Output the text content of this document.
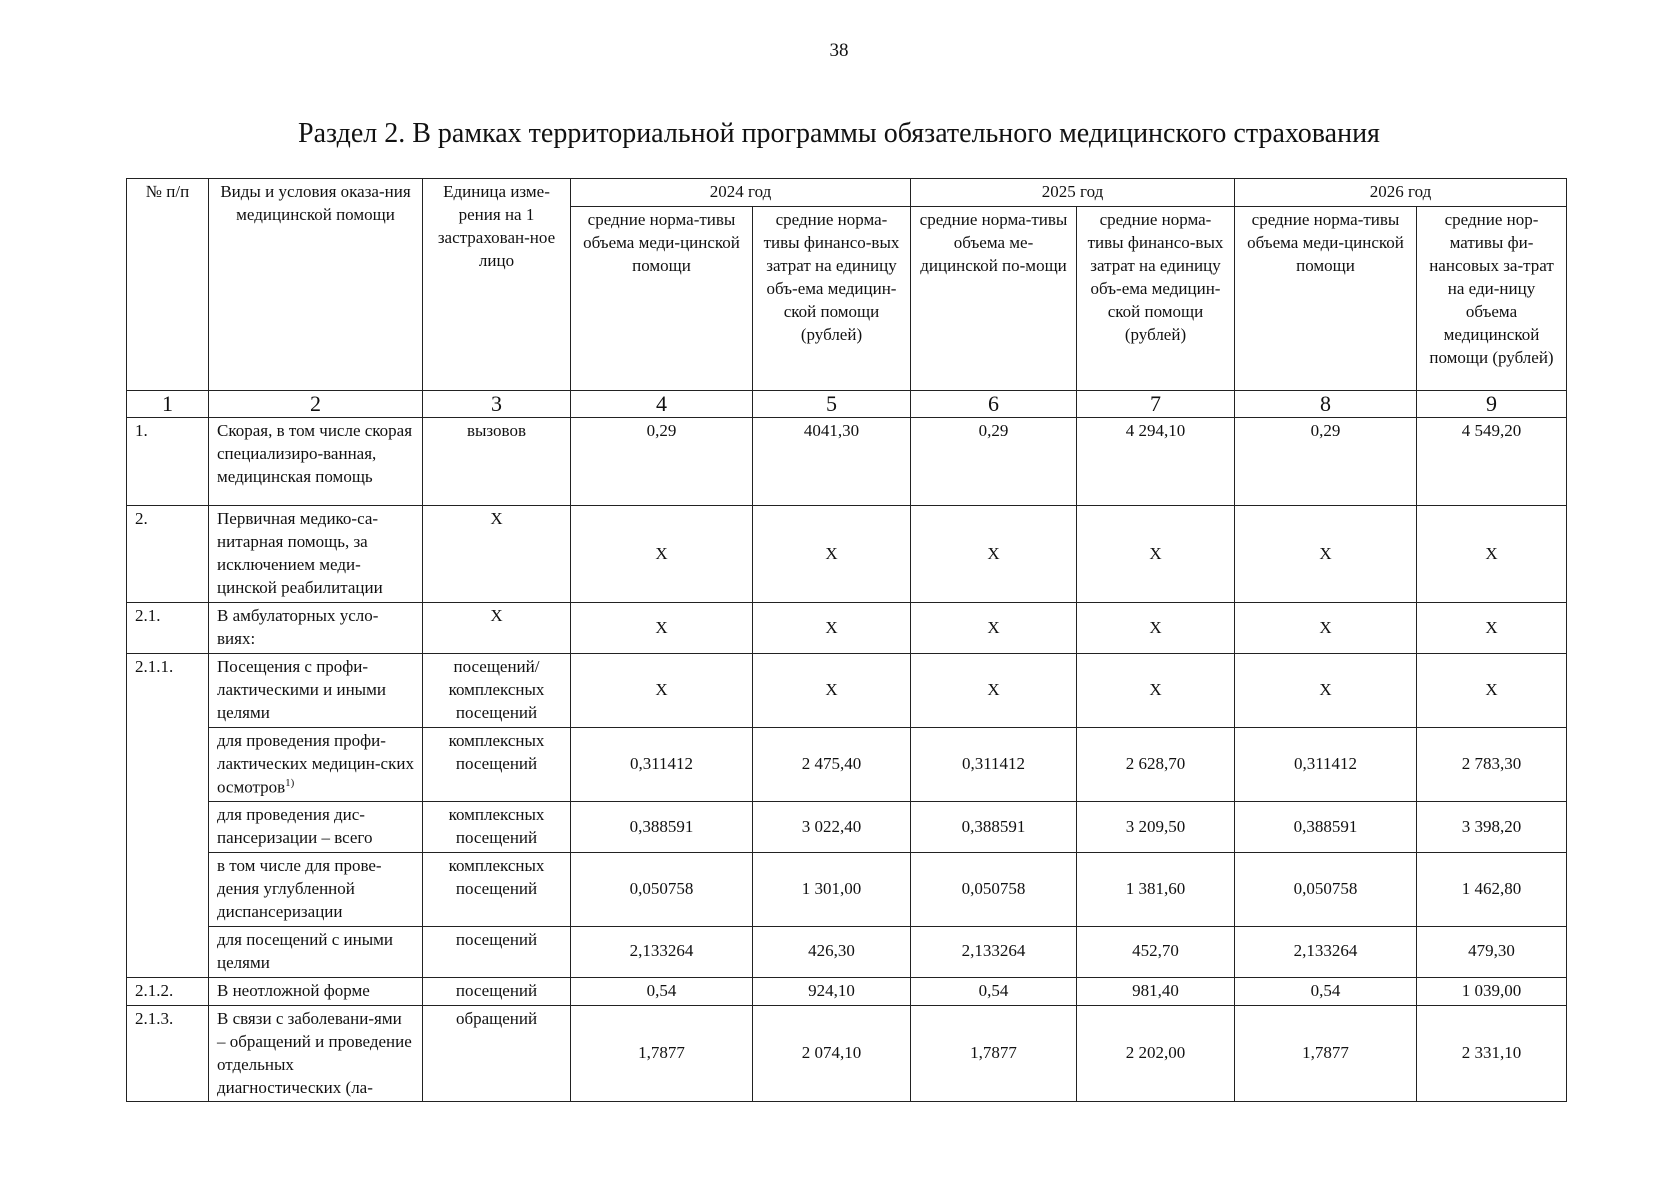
38
Раздел 2. В рамках территориальной программы обязательного медицинского страхования
№ п/п	Виды и условия оказа-ния медицинской помощи	Единица изме-рения на 1 застрахован-ное лицо	2024 год		2025 год		2026 год	
			средние норма-тивы объема меди-цинской помощи	средние норма-тивы финансо-вых затрат на единицу объ-ема медицин-ской помощи (рублей)	средние норма-тивы объема ме-дицинской по-мощи	средние норма-тивы финансо-вых затрат на единицу объ-ема медицин-ской помощи (рублей)	средние норма-тивы объема меди-цинской помощи	средние нор-мативы фи-нансовых за-трат на еди-ницу объема медицинской помощи (рублей)
1	2	3	4	5	6	7	8	9
1.	Скорая, в том числе скорая специализиро-ванная, медицинская помощь	вызовов	0,29	4041,30	0,29	4 294,10	0,29	4 549,20
2.	Первичная медико-са-нитарная помощь, за исключением меди-цинской реабилитации	Х	Х	Х	Х	Х	Х	Х
2.1.	В амбулаторных усло-виях:	Х	Х	Х	Х	Х	Х	Х
2.1.1.	Посещения с профи-лактическими и иными целями	посещений/ комплексных посещений	Х	Х	Х	Х	Х	Х
	для проведения профи-лактических медицин-ских осмотров$^{1)}$	комплексных посещений	0,311412	2 475,40	0,311412	2 628,70	0,311412	2 783,30
	для проведения дис-пансеризации – всего	комплексных посещений	0,388591	3 022,40	0,388591	3 209,50	0,388591	3 398,20
	в том числе для прове-дения углубленной диспансеризации	комплексных посещений	0,050758	1 301,00	0,050758	1 381,60	0,050758	1 462,80
	для посещений с иными целями	посещений	2,133264	426,30	2,133264	452,70	2,133264	479,30
2.1.2.	В неотложной форме	посещений	0,54	924,10	0,54	981,40	0,54	1 039,00
2.1.3.	В связи с заболевани-ями – обращений и проведение отдельных диагностических (ла-	обращений	1,7877	2 074,10	1,7877	2 202,00	1,7877	2 331,10
